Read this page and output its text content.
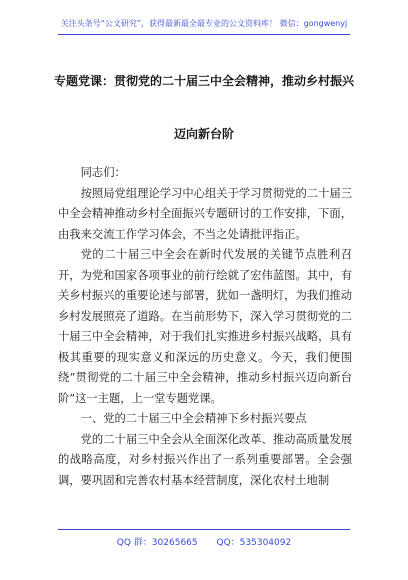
关注头条号“公文研究”，获得最新最全最专业的公文资料库！ 微信：gongwenyj
专题党课：贯彻党的二十届三中全会精神，推动乡村振兴
迈向新台阶

同志们：

按照局党组理论学习中心组关于学习贯彻党的二十届三中全会精神推动乡村全面振兴专题研讨的工作安排，下面，由我来交流工作学习体会，不当之处请批评指正。

党的二十届三中全会在新时代发展的关键节点胜利召开，为党和国家各项事业的前行绘就了宏伟蓝图。其中，有关乡村振兴的重要论述与部署，犹如一盏明灯，为我们推动乡村发展照亮了道路。在当前形势下，深入学习贯彻党的二十届三中全会精神，对于我们扎实推进乡村振兴战略，具有极其重要的现实意义和深远的历史意义。今天，我们便围绕“贯彻党的二十届三中全会精神，推动乡村振兴迈向新台阶”这一主题，上一堂专题党课。

一、党的二十届三中全会精神下乡村振兴要点

党的二十届三中全会从全面深化改革、推动高质量发展的战略高度，对乡村振兴作出了一系列重要部署。全会强调，要巩固和完善农村基本经营制度，深化农村土地制

QQ 群：30265665 QQ：535304092
